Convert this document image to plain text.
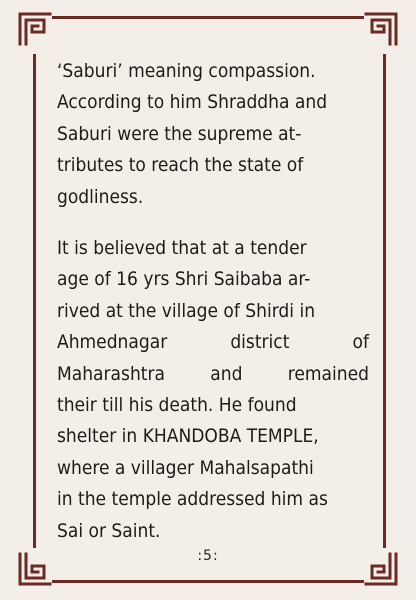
‘Saburi’ meaning compassion.
According to him Shraddha and
Saburi were the supreme at-
tributes to reach the state of
godliness.

It is believed that at a tender
age of 16 yrs Shri Saibaba ar-
rived at the village of Shirdi in
Ahmednagar	district	of
Maharashtra and remained
their till his death. He found
shelter in KHANDOBA TEMPLE,
where a villager Mahalsapathi
in the temple addressed him as
Sai or Saint.

:5:
